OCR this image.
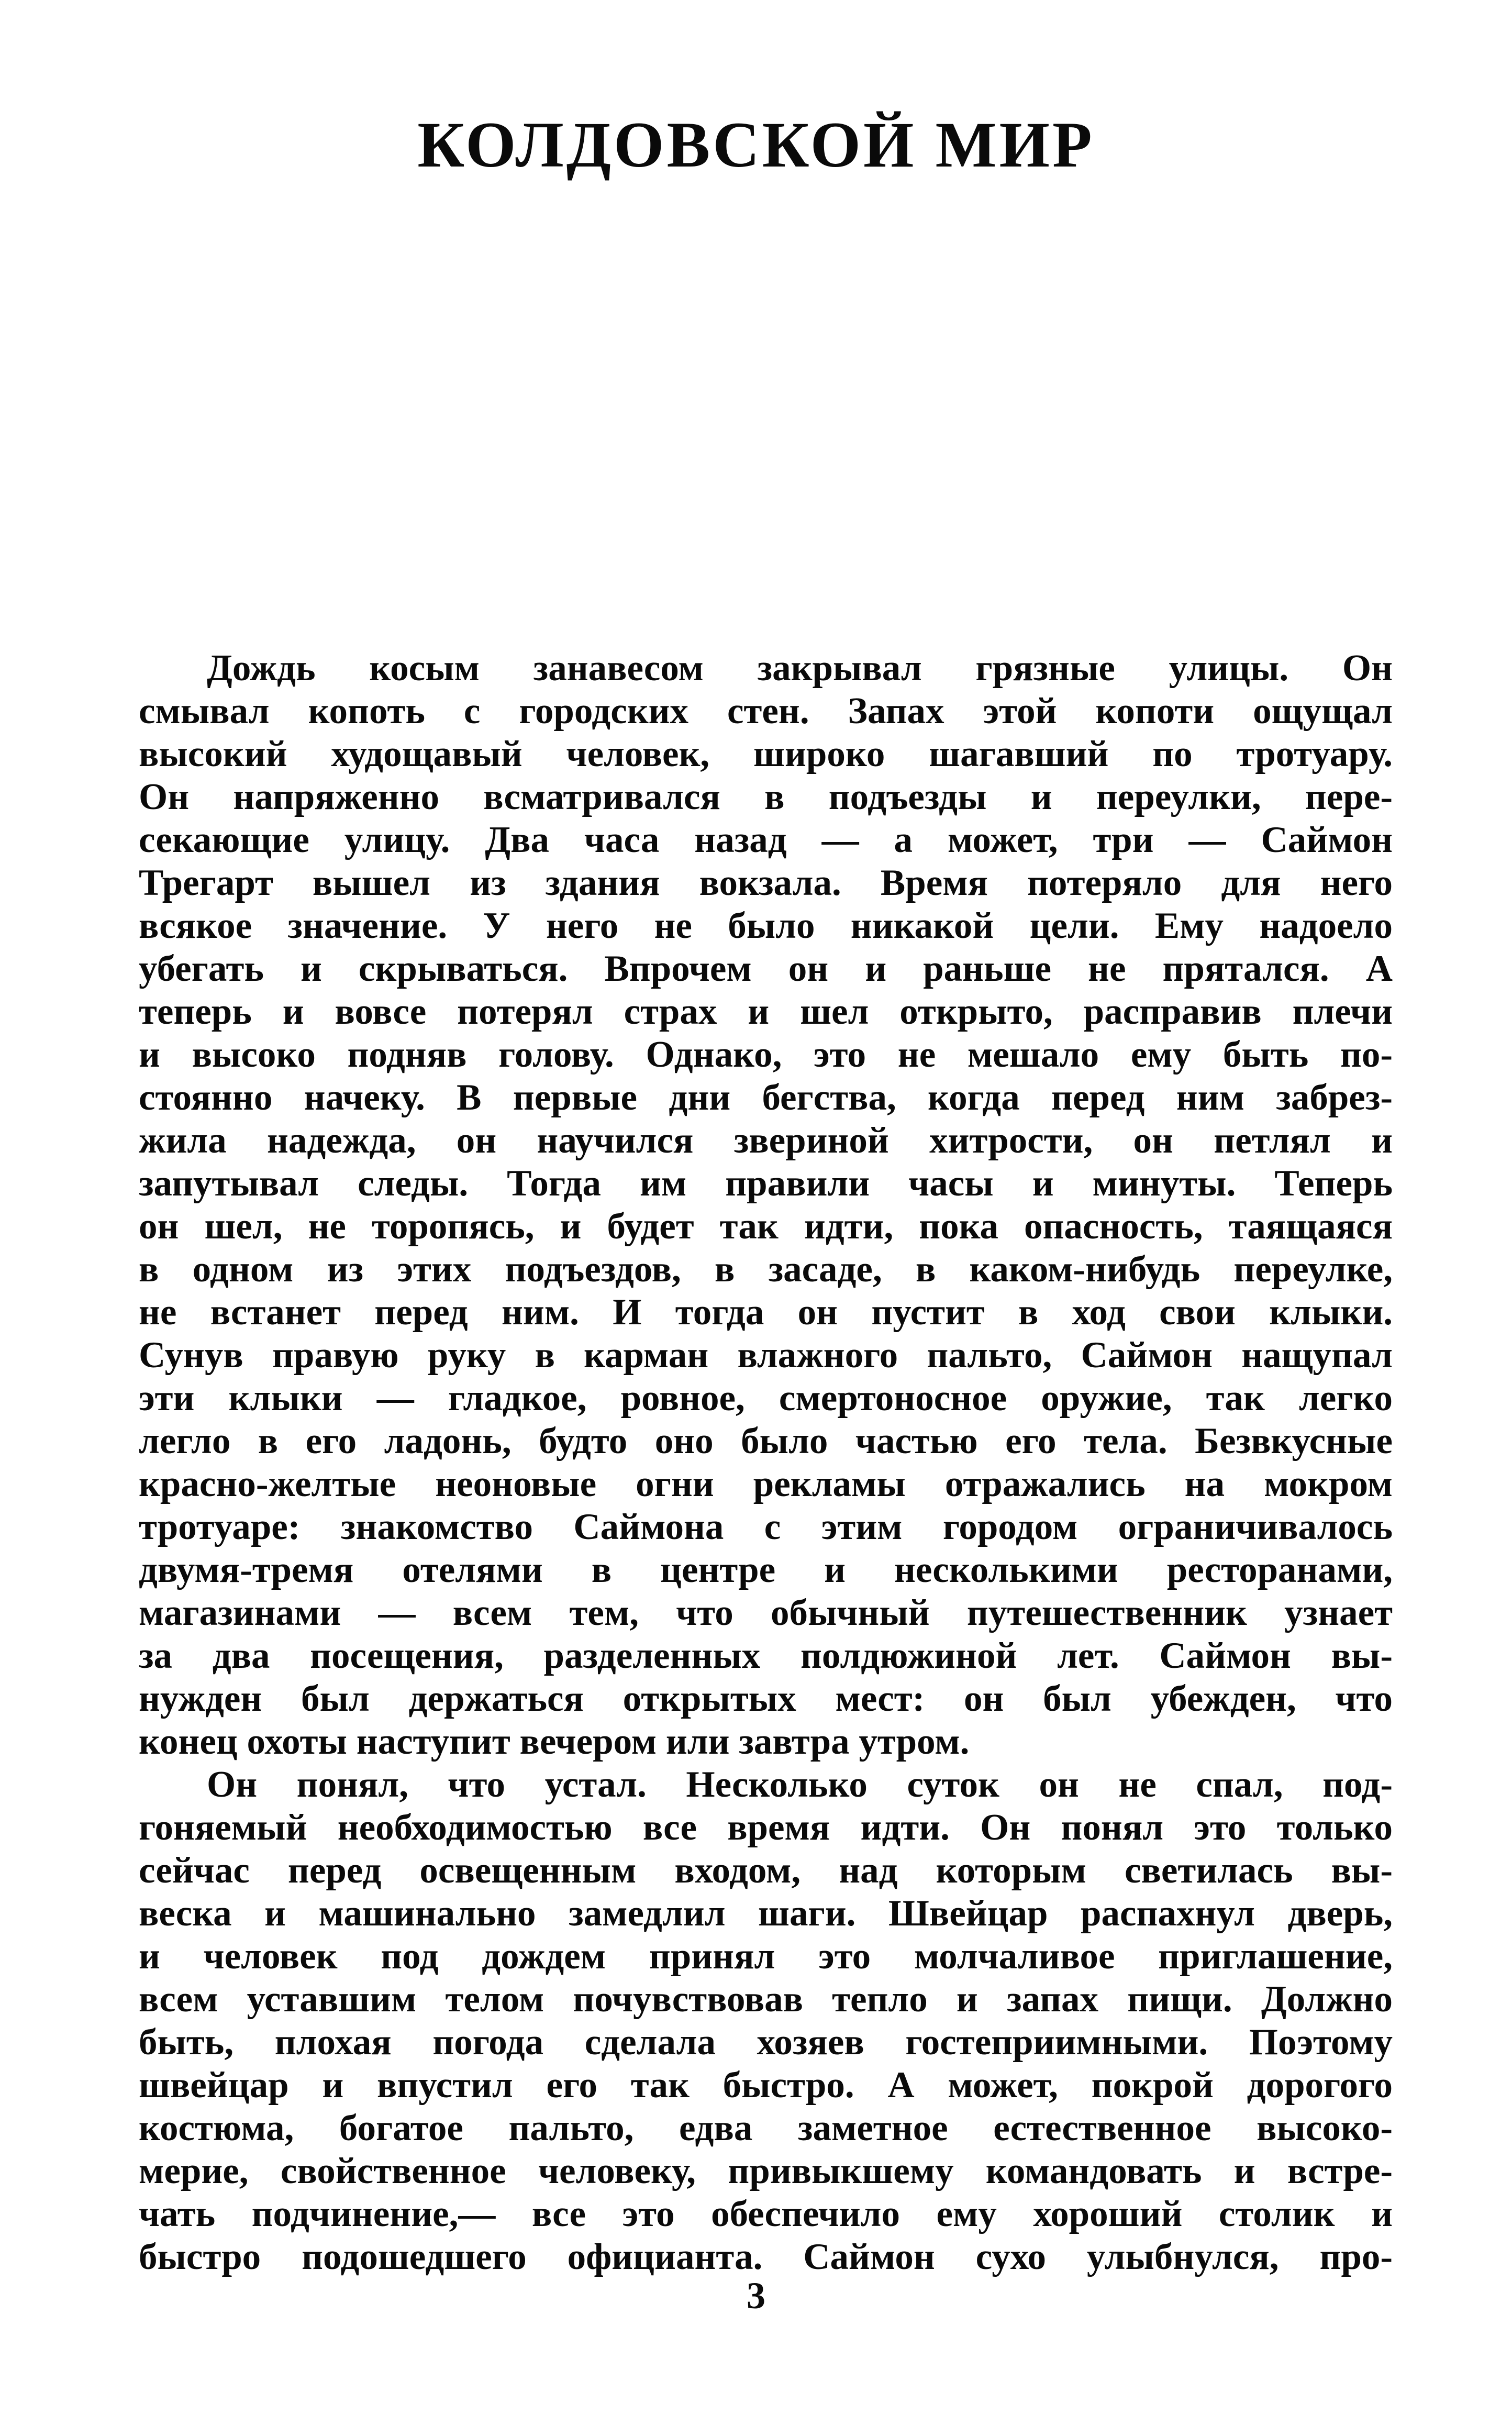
КОЛДОВСКОЙ МИР
Дождь косым занавесом закрывал грязные улицы. Он
смывал копоть с городских стен. Запах этой копоти ощущал
высокий худощавый человек, широко шагавший по тротуару.
Он напряженно всматривался в подъезды и переулки, пере-
секающие улицу. Два часа назад — а может, три — Саймон
Трегарт вышел из здания вокзала. Время потеряло для него
всякое значение. У него не было никакой цели. Ему надоело
убегать и скрываться. Впрочем он и раньше не прятался. А
теперь и вовсе потерял страх и шел открыто, расправив плечи
и высоко подняв голову. Однако, это не мешало ему быть по-
стоянно начеку. В первые дни бегства, когда перед ним забрез-
жила надежда, он научился звериной хитрости, он петлял и
запутывал следы. Тогда им правили часы и минуты. Теперь
он шел, не торопясь, и будет так идти, пока опасность, таящаяся
в одном из этих подъездов, в засаде, в каком-нибудь переулке,
не встанет перед ним. И тогда он пустит в ход свои клыки.
Сунув правую руку в карман влажного пальто, Саймон нащупал
эти клыки — гладкое, ровное, смертоносное оружие, так легко
легло в его ладонь, будто оно было частью его тела. Безвкусные
красно-желтые неоновые огни рекламы отражались на мокром
тротуаре: знакомство Саймона с этим городом ограничивалось
двумя-тремя отелями в центре и несколькими ресторанами,
магазинами — всем тем, что обычный путешественник узнает
за два посещения, разделенных полдюжиной лет. Саймон вы-
нужден был держаться открытых мест: он был убежден, что
конец охоты наступит вечером или завтра утром.
Он понял, что устал. Несколько суток он не спал, под-
гоняемый необходимостью все время идти. Он понял это только
сейчас перед освещенным входом, над которым светилась вы-
веска и машинально замедлил шаги. Швейцар распахнул дверь,
и человек под дождем принял это молчаливое приглашение,
всем уставшим телом почувствовав тепло и запах пищи. Должно
быть, плохая погода сделала хозяев гостеприимными. Поэтому
швейцар и впустил его так быстро. А может, покрой дорогого
костюма, богатое пальто, едва заметное естественное высоко-
мерие, свойственное человеку, привыкшему командовать и встре-
чать подчинение,— все это обеспечило ему хороший столик и
быстро подошедшего официанта. Саймон сухо улыбнулся, про-
3
